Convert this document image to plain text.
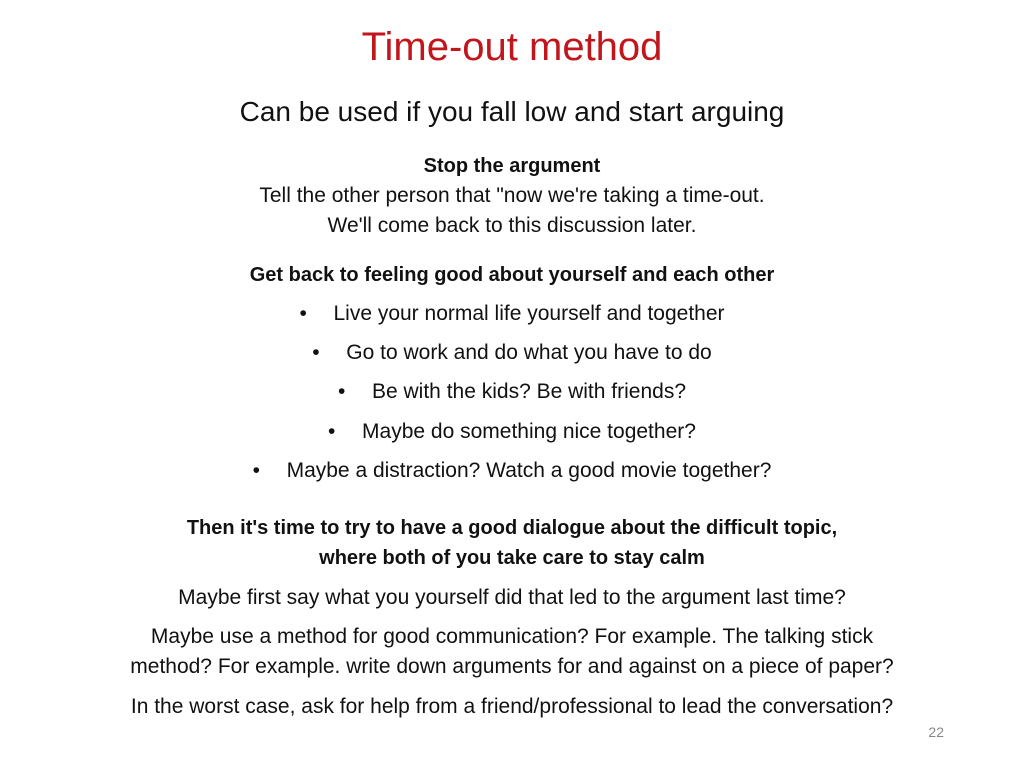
Time-out method
Can be used if you fall low and start arguing
Stop the argument
Tell the other person that "now we're taking a time-out.
We'll come back to this discussion later.
Get back to feeling good about yourself and each other
• Live your normal life yourself and together
• Go to work and do what you have to do
• Be with the kids? Be with friends?
• Maybe do something nice together?
• Maybe a distraction? Watch a good movie together?
Then it's time to try to have a good dialogue about the difficult topic,
where both of you take care to stay calm
Maybe first say what you yourself did that led to the argument last time?
Maybe use a method for good communication? For example. The talking stick
method? For example. write down arguments for and against on a piece of paper?
In the worst case, ask for help from a friend/professional to lead the conversation?
22
